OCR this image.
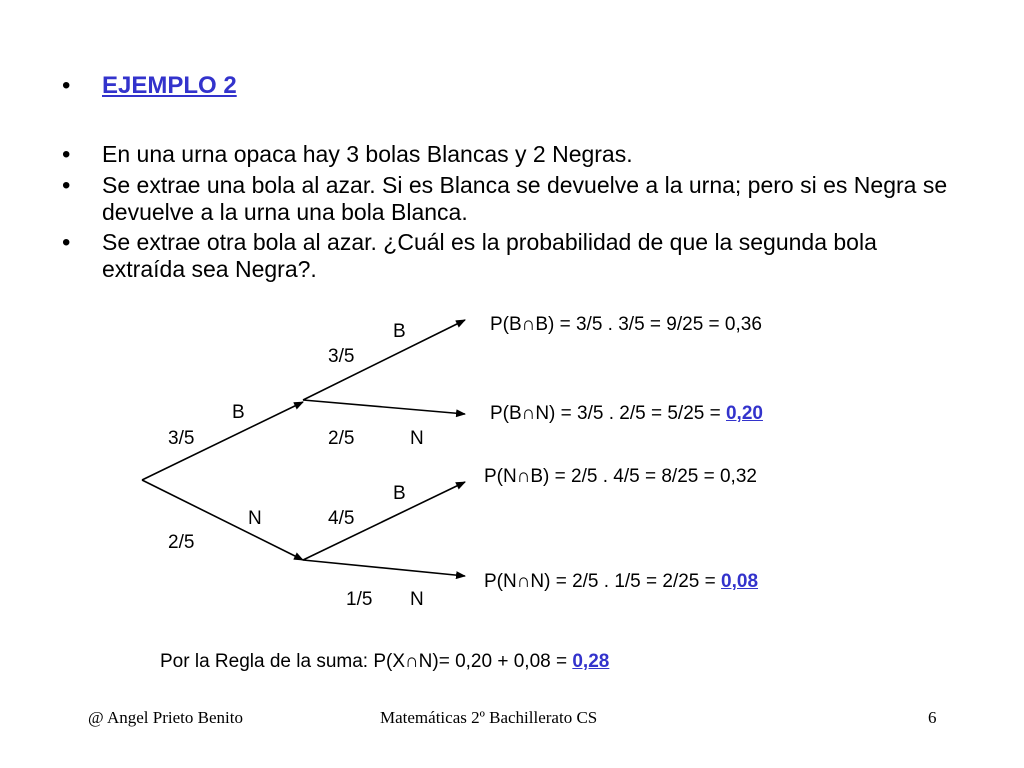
• EJEMPLO 2
• En una urna opaca hay 3 bolas Blancas y 2 Negras.
• Se extrae una bola al azar. Si es Blanca se devuelve a la urna; pero si es Negra se devuelve a la urna una bola Blanca.
• Se extrae otra bola al azar. ¿Cuál es la probabilidad de que la segunda bola extraída sea Negra?.
B
3/5
N
2/5
B
3/5
2/5	N
B
4/5
1/5 N
P(B∩B) = 3/5 . 3/5 = 9/25 = 0,36
P(B∩N) = 3/5 . 2/5 = 5/25 = 0,20
P(N∩B) = 2/5 . 4/5 = 8/25 = 0,32
P(N∩N) = 2/5 . 1/5 = 2/25 = 0,08
Por la Regla de la suma: P(X∩N)= 0,20 + 0,08 = 0,28
@ Angel Prieto Benito	Matemáticas 2º Bachillerato CS	6
